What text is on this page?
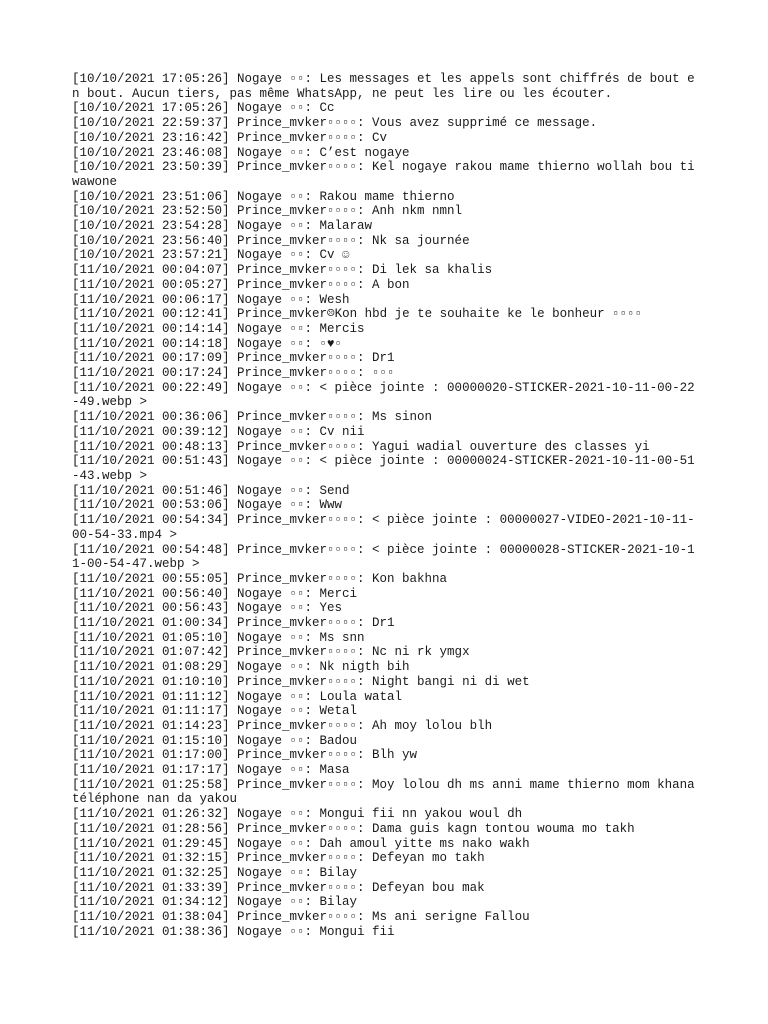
[10/10/2021 17:05:26] Nogaye ▫▫: Les messages et les appels sont chiffrés de bout en bout. Aucun tiers, pas même WhatsApp, ne peut les lire ou les écouter.

[10/10/2021 17:05:26] Nogaye ▫▫: Cc

[10/10/2021 22:59:37] Prince_mvker▫▫▫▫: Vous avez supprimé ce message.

[10/10/2021 23:16:42] Prince_mvker▫▫▫▫: Cv

[10/10/2021 23:46:08] Nogaye ▫▫: C’est nogaye

[10/10/2021 23:50:39] Prince_mvker▫▫▫▫: Kel nogaye rakou mame thierno wollah bou tiwawone

[10/10/2021 23:51:06] Nogaye ▫▫: Rakou mame thierno

[10/10/2021 23:52:50] Prince_mvker▫▫▫▫: Anh nkm nmnl

[10/10/2021 23:54:28] Nogaye ▫▫: Malaraw

[10/10/2021 23:56:40] Prince_mvker▫▫▫▫: Nk sa journée

[10/10/2021 23:57:21] Nogaye ▫▫: Cv ☺

[11/10/2021 00:04:07] Prince_mvker▫▫▫▫: Di lek sa khalis

[11/10/2021 00:05:27] Prince_mvker▫▫▫▫: A bon

[11/10/2021 00:06:17] Nogaye ▫▫: Wesh

[11/10/2021 00:12:41] Prince_mvker☹Kon hbd je te souhaite ke le bonheur ▫▫▫▫

[11/10/2021 00:14:14] Nogaye ▫▫: Mercis

[11/10/2021 00:14:18] Nogaye ▫▫: ▫♥▫

[11/10/2021 00:17:09] Prince_mvker▫▫▫▫: Dr1

[11/10/2021 00:17:24] Prince_mvker▫▫▫▫: ▫▫▫

[11/10/2021 00:22:49] Nogaye ▫▫: < pièce jointe : 00000020-STICKER-2021-10-11-00-22-49.webp >

[11/10/2021 00:36:06] Prince_mvker▫▫▫▫: Ms sinon

[11/10/2021 00:39:12] Nogaye ▫▫: Cv nii

[11/10/2021 00:48:13] Prince_mvker▫▫▫▫: Yagui wadial ouverture des classes yi

[11/10/2021 00:51:43] Nogaye ▫▫: < pièce jointe : 00000024-STICKER-2021-10-11-00-51-43.webp >

[11/10/2021 00:51:46] Nogaye ▫▫: Send

[11/10/2021 00:53:06] Nogaye ▫▫: Www

[11/10/2021 00:54:34] Prince_mvker▫▫▫▫: < pièce jointe : 00000027-VIDEO-2021-10-11-00-54-33.mp4 >

[11/10/2021 00:54:48] Prince_mvker▫▫▫▫: < pièce jointe : 00000028-STICKER-2021-10-11-00-54-47.webp >

[11/10/2021 00:55:05] Prince_mvker▫▫▫▫: Kon bakhna

[11/10/2021 00:56:40] Nogaye ▫▫: Merci

[11/10/2021 00:56:43] Nogaye ▫▫: Yes

[11/10/2021 01:00:34] Prince_mvker▫▫▫▫: Dr1

[11/10/2021 01:05:10] Nogaye ▫▫: Ms snn

[11/10/2021 01:07:42] Prince_mvker▫▫▫▫: Nc ni rk ymgx

[11/10/2021 01:08:29] Nogaye ▫▫: Nk nigth bih

[11/10/2021 01:10:10] Prince_mvker▫▫▫▫: Night bangi ni di wet

[11/10/2021 01:11:12] Nogaye ▫▫: Loula watal

[11/10/2021 01:11:17] Nogaye ▫▫: Wetal

[11/10/2021 01:14:23] Prince_mvker▫▫▫▫: Ah moy lolou blh

[11/10/2021 01:15:10] Nogaye ▫▫: Badou

[11/10/2021 01:17:00] Prince_mvker▫▫▫▫: Blh yw

[11/10/2021 01:17:17] Nogaye ▫▫: Masa

[11/10/2021 01:25:58] Prince_mvker▫▫▫▫: Moy lolou dh ms anni mame thierno mom khana téléphone nan da yakou

[11/10/2021 01:26:32] Nogaye ▫▫: Mongui fii nn yakou woul dh

[11/10/2021 01:28:56] Prince_mvker▫▫▫▫: Dama guis kagn tontou wouma mo takh

[11/10/2021 01:29:45] Nogaye ▫▫: Dah amoul yitte ms nako wakh

[11/10/2021 01:32:15] Prince_mvker▫▫▫▫: Defeyan mo takh

[11/10/2021 01:32:25] Nogaye ▫▫: Bilay

[11/10/2021 01:33:39] Prince_mvker▫▫▫▫: Defeyan bou mak

[11/10/2021 01:34:12] Nogaye ▫▫: Bilay

[11/10/2021 01:38:04] Prince_mvker▫▫▫▫: Ms ani serigne Fallou

[11/10/2021 01:38:36] Nogaye ▫▫: Mongui fii
